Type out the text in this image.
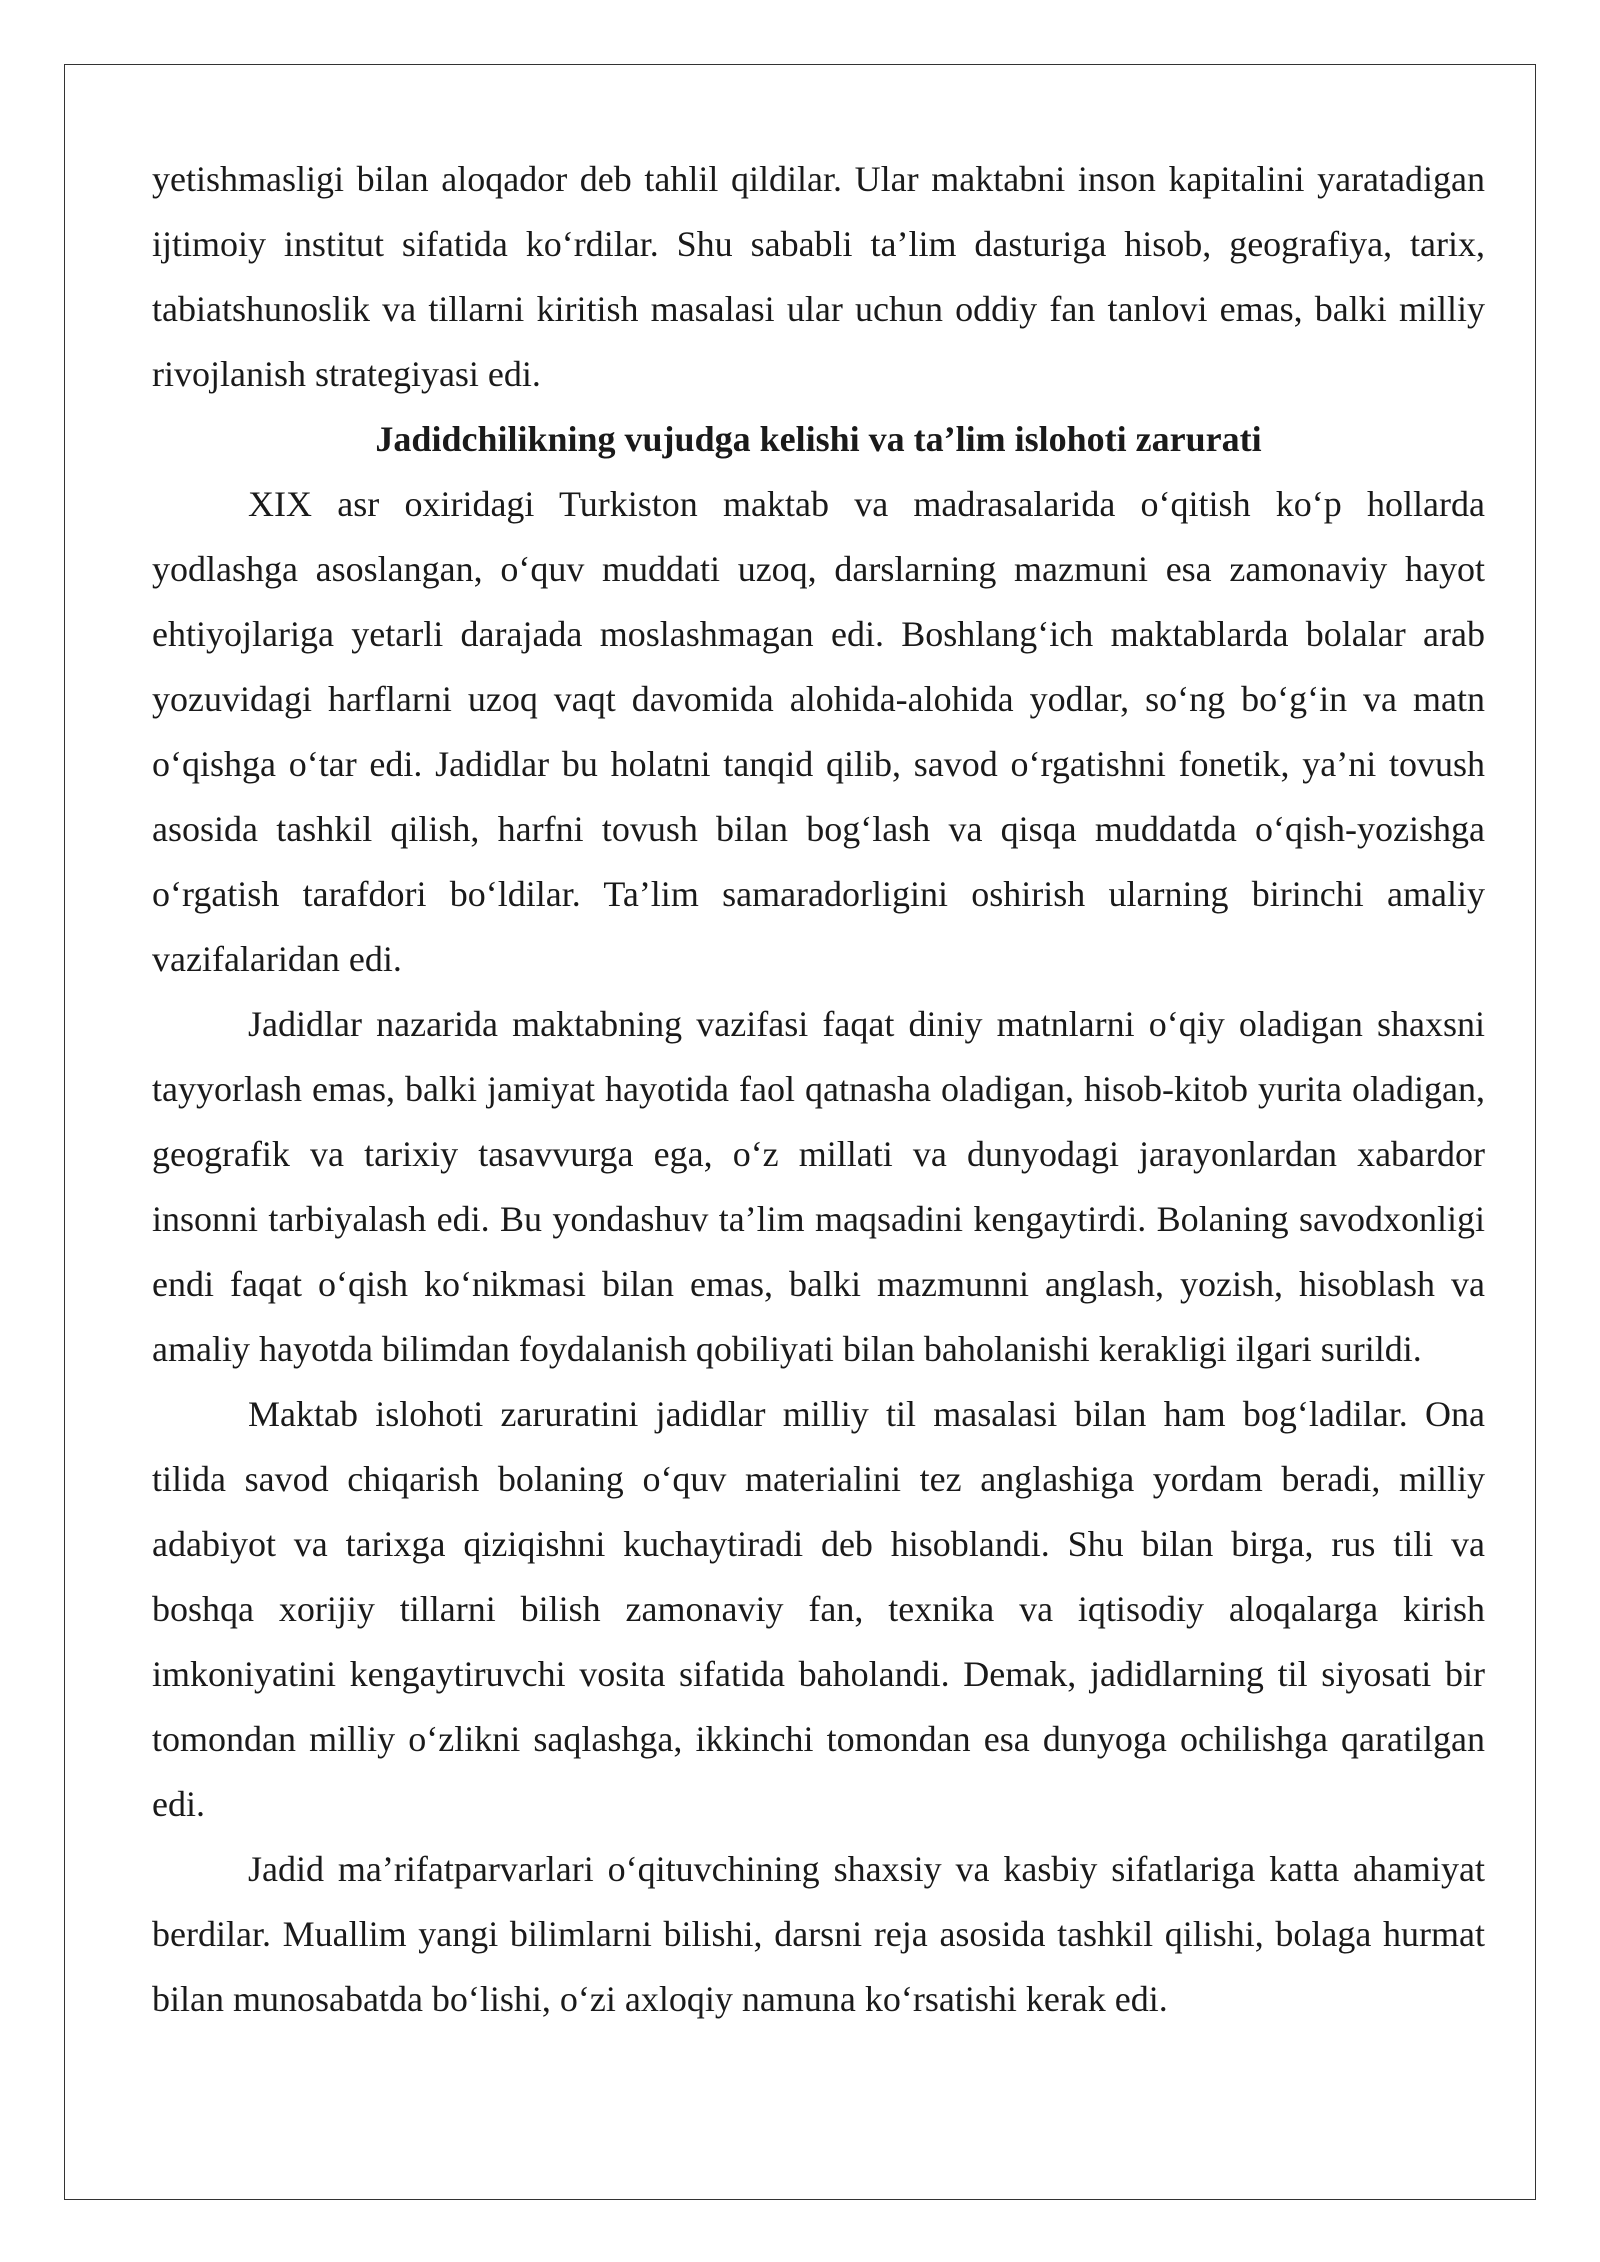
yetishmasligi bilan aloqador deb tahlil qildilar. Ular maktabni inson kapitalini yaratadigan ijtimoiy institut sifatida ko‘rdilar. Shu sababli ta’lim dasturiga hisob, geografiya, tarix, tabiatshunoslik va tillarni kiritish masalasi ular uchun oddiy fan tanlovi emas, balki milliy rivojlanish strategiyasi edi.

Jadidchilikning vujudga kelishi va ta’lim islohoti zarurati

XIX asr oxiridagi Turkiston maktab va madrasalarida o‘qitish ko‘p hollarda yodlashga asoslangan, o‘quv muddati uzoq, darslarning mazmuni esa zamonaviy hayot ehtiyojlariga yetarli darajada moslashmagan edi. Boshlang‘ich maktablarda bolalar arab yozuvidagi harflarni uzoq vaqt davomida alohida-alohida yodlar, so‘ng bo‘g‘in va matn o‘qishga o‘tar edi. Jadidlar bu holatni tanqid qilib, savod o‘rgatishni fonetik, ya’ni tovush asosida tashkil qilish, harfni tovush bilan bog‘lash va qisqa muddatda o‘qish-yozishga o‘rgatish tarafdori bo‘ldilar. Ta’lim samaradorligini oshirish ularning birinchi amaliy vazifalaridan edi.

Jadidlar nazarida maktabning vazifasi faqat diniy matnlarni o‘qiy oladigan shaxsni tayyorlash emas, balki jamiyat hayotida faol qatnasha oladigan, hisob-kitob yurita oladigan, geografik va tarixiy tasavvurga ega, o‘z millati va dunyodagi jarayonlardan xabardor insonni tarbiyalash edi. Bu yondashuv ta’lim maqsadini kengaytirdi. Bolaning savodxonligi endi faqat o‘qish ko‘nikmasi bilan emas, balki mazmunni anglash, yozish, hisoblash va amaliy hayotda bilimdan foydalanish qobiliyati bilan baholanishi kerakligi ilgari surildi.

Maktab islohoti zaruratini jadidlar milliy til masalasi bilan ham bog‘ladilar. Ona tilida savod chiqarish bolaning o‘quv materialini tez anglashiga yordam beradi, milliy adabiyot va tarixga qiziqishni kuchaytiradi deb hisoblandi. Shu bilan birga, rus tili va boshqa xorijiy tillarni bilish zamonaviy fan, texnika va iqtisodiy aloqalarga kirish imkoniyatini kengaytiruvchi vosita sifatida baholandi. Demak, jadidlarning til siyosati bir tomondan milliy o‘zlikni saqlashga, ikkinchi tomondan esa dunyoga ochilishga qaratilgan edi.

Jadid ma’rifatparvarlari o‘qituvchining shaxsiy va kasbiy sifatlariga katta ahamiyat berdilar. Muallim yangi bilimlarni bilishi, darsni reja asosida tashkil qilishi, bolaga hurmat bilan munosabatda bo‘lishi, o‘zi axloqiy namuna ko‘rsatishi kerak edi.
